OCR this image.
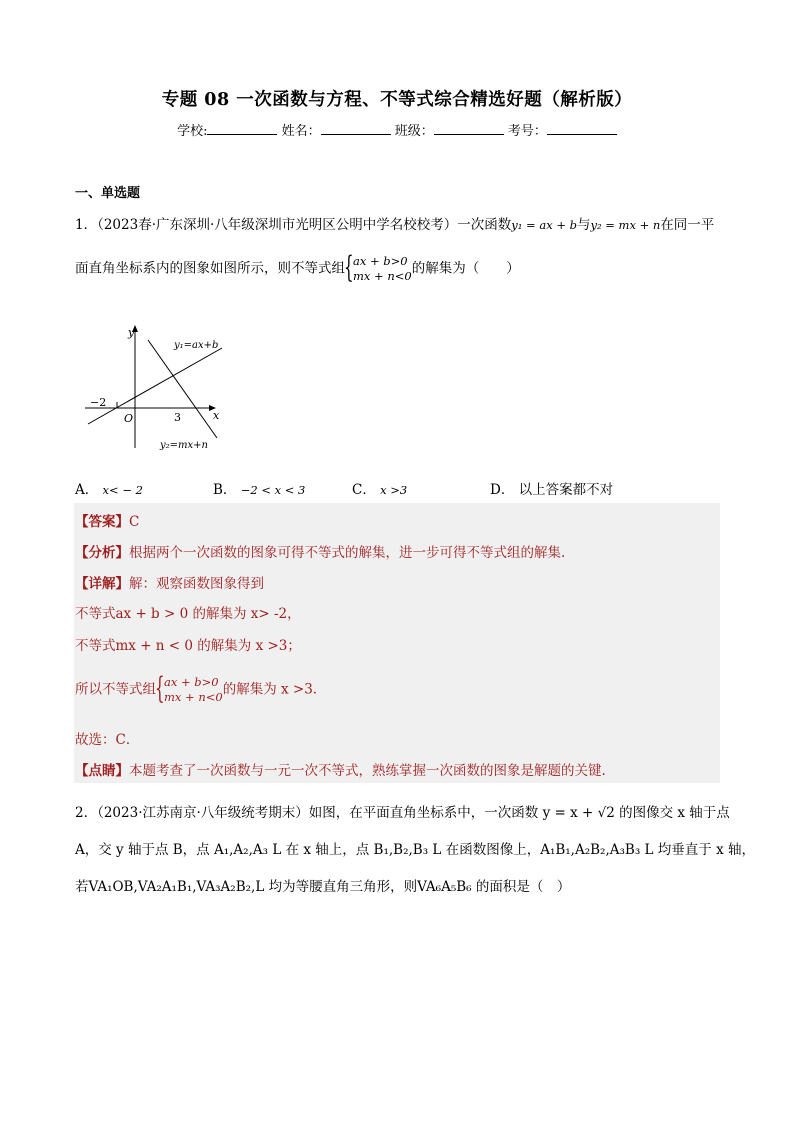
专题 08 一次函数与方程、不等式综合精选好题（解析版）
学校:	姓名：	班级：	考号：
一、单选题
1．（2023春·广东深圳·八年级深圳市光明区公明中学名校校考）一次函数y₁ = ax + b与y₂ = mx + n在同一平
面直角坐标系内的图象如图所示，则不等式组 { ax + b>0
mx + n<0的解集为（　　）
y
x
O
−2
3
y₁=ax+b
y₂=mx+n
A． x< − 2	B． −2 < x < 3	C． x >3	D． 以上答案都不对
【答案】C
【分析】根据两个一次函数的图象可得不等式的解集，进一步可得不等式组的解集.
【详解】解：观察函数图象得到
不等式ax + b > 0 的解集为 x> -2，
不等式mx + n < 0 的解集为 x >3；
所以不等式组 { ax + b>0
mx + n<0的解集为 x >3．
故选：C．
【点睛】本题考查了一次函数与一元一次不等式，熟练掌握一次函数的图象是解题的关键.
2．（2023·江苏南京·八年级统考期末）如图，在平面直角坐标系中，一次函数 y = x + √2 的图像交 x 轴于点
A，交 y 轴于点 B，点 A₁,A₂,A₃ L 在 x 轴上，点 B₁,B₂,B₃ L 在函数图像上，A₁B₁,A₂B₂,A₃B₃ L 均垂直于 x 轴，
若VA₁OB,VA₂A₁B₁,VA₃A₂B₂,L 均为等腰直角三角形，则VA₆A₅B₆ 的面积是（　）
